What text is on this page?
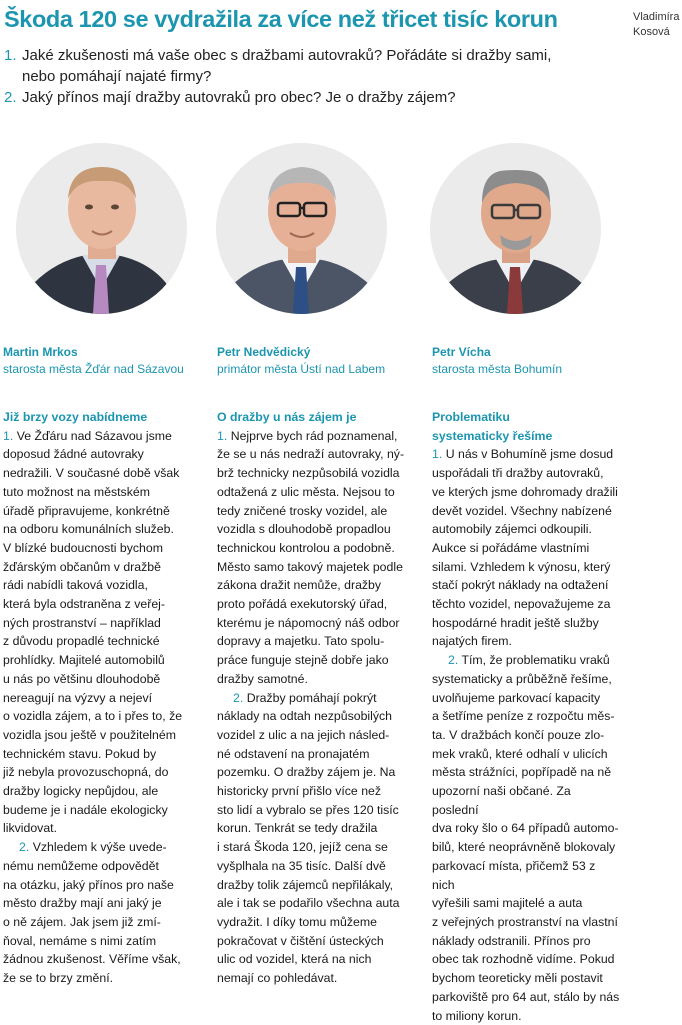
Škoda 120 se vydražila za více než třicet tisíc korun	Vladimíra
Kosová
1. Jaké zkušenosti má vaše obec s dražbami autovraků? Pořádáte si dražby sami,
nebo pomáhají najaté firmy?
2. Jaký přínos mají dražby autovraků pro obec? Je o dražby zájem?
Martin Mrkos
starosta města Žďár nad Sázavou
Petr Nedvědický
primátor města Ústí nad Labem
Petr Vícha
starosta města Bohumín
Již brzy vozy nabídneme

1. Ve Žďáru nad Sázavou jsme
doposud žádné autovraky
nedražili. V současné době však
tuto možnost na městském
úřadě připravujeme, konkrétně
na odboru komunálních služeb.
V blízké budoucnosti bychom
žďárským občanům v dražbě
rádi nabídli taková vozidla,
která byla odstraněna z veřej-
ných prostranství – například
z důvodu propadlé technické
prohlídky. Majitelé automobilů
u nás po většinu dlouhodobě
nereagují na výzvy a nejeví
o vozidla zájem, a to i přes to, že
vozidla jsou ještě v použitelném
technickém stavu. Pokud by
již nebyla provozuschopná, do
dražby logicky nepůjdou, ale
budeme je i nadále ekologicky
likvidovat.

2. Vzhledem k výše uvede-
nému nemůžeme odpovědět
na otázku, jaký přínos pro naše
město dražby mají ani jaký je
o ně zájem. Jak jsem již zmí-
ňoval, nemáme s nimi zatím
žádnou zkušenost. Věříme však,
že se to brzy změní.

O dražby u nás zájem je

1. Nejprve bych rád poznamenal,
že se u nás nedraží autovraky, ný-
brž technicky nezpůsobilá vozidla
odtažená z ulic města. Nejsou to
tedy zničené trosky vozidel, ale
vozidla s dlouhodobě propadlou
technickou kontrolou a podobně.
Město samo takový majetek podle
zákona dražit nemůže, dražby
proto pořádá exekutorský úřad,
kterému je nápomocný náš odbor
dopravy a majetku. Tato spolu-
práce funguje stejně dobře jako
dražby samotné.

2. Dražby pomáhají pokrýt
náklady na odtah nezpůsobilých
vozidel z ulic a na jejich násled-
né odstavení na pronajatém
pozemku. O dražby zájem je. Na
historicky první přišlo více než
sto lidí a vybralo se přes 120 tisíc
korun. Tenkrát se tedy dražila
i stará Škoda 120, jejíž cena se
vyšplhala na 35 tisíc. Další dvě
dražby tolik zájemců nepřilákaly,
ale i tak se podařilo všechna auta
vydražit. I díky tomu můžeme
pokračovat v čištění ústeckých
ulic od vozidel, která na nich
nemají co pohledávat.

Problematiku
systematicky řešíme

1. U nás v Bohumíně jsme dosud
uspořádali tři dražby autovraků,
ve kterých jsme dohromady dražili
devět vozidel. Všechny nabízené
automobily zájemci odkoupili.
Aukce si pořádáme vlastními
silami. Vzhledem k výnosu, který
stačí pokrýt náklady na odtažení
těchto vozidel, nepovažujeme za
hospodárné hradit ještě služby
najatých firem.

2. Tím, že problematiku vraků
systematicky a průběžně řešíme,
uvolňujeme parkovací kapacity
a šetříme peníze z rozpočtu měs-
ta. V dražbách končí pouze zlo-
mek vraků, které odhalí v ulicích
města strážníci, popřípadě na ně
upozorní naši občané. Za poslední
dva roky šlo o 64 případů automo-
bilů, které neoprávněně blokovaly
parkovací místa, přičemž 53 z nich
vyřešili sami majitelé a auta
z veřejných prostranství na vlastní
náklady odstranili. Přínos pro
obec tak rozhodně vidíme. Pokud
bychom teoreticky měli postavit
parkoviště pro 64 aut, stálo by nás
to miliony korun.
